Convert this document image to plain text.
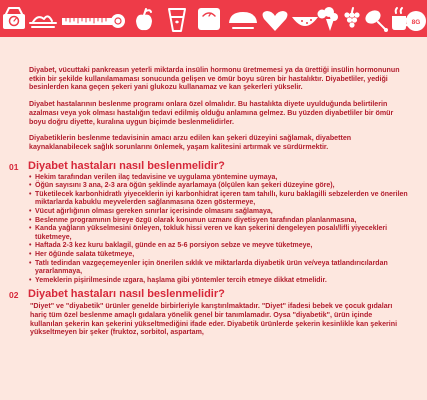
8G

Diyabet, vücuttaki pankreasın yeterli miktarda insülin hormonu üretmemesi ya da ürettiği insülin hormonunun etkin bir şekilde kullanılamaması sonucunda gelişen ve ömür boyu süren bir hastalıktır. Diyabetliler, yediği besinlerden kana geçen şekeri yani glukozu kullanamaz ve kan şekerleri yükselir.

Diyabet hastalarının beslenme programı onlara özel olmalıdır. Bu hastalıkta diyete uyulduğunda belirtilerin azalması veya yok olması hastalığın tedavi edilmiş olduğu anlamına gelmez. Bu yüzden diyabetliler bir ömür boyu doğru diyette, kuralına uygun biçimde beslenmelidirler.

Diyabetiklerin beslenme tedavisinin amacı arzu edilen kan şekeri düzeyini sağlamak, diyabetten kaynaklanabilecek sağlık sorunlarını önlemek, yaşam kalitesini artırmak ve sürdürmektir.

01 Diyabet hastaları nasıl beslenmelidir?
• Hekim tarafından verilen ilaç tedavisine ve uygulama yöntemine uymaya,
• Öğün sayısını 3 ana, 2-3 ara öğün şeklinde ayarlamaya (ölçülen kan şekeri düzeyine göre),
• Tüketilecek karbonhidratlı yiyeceklerin iyi karbonhidrat içeren tam tahıllı, kuru baklagilli sebzelerden ve önerilen miktarlarda kabuklu meyvelerden sağlanmasına özen göstermeye,
• Vücut ağırlığının olması gereken sınırlar içerisinde olmasını sağlamaya,
• Beslenme programının bireye özgü olarak konunun uzmanı diyetisyen tarafından planlanmasına,
• Kanda yağların yükselmesini önleyen, tokluk hissi veren ve kan şekerini dengeleyen posalı/lifli yiyecekleri tüketmeye,
• Haftada 2-3 kez kuru baklagil, günde en az 5-6 porsiyon sebze ve meyve tüketmeye,
• Her öğünde salata tüketmeye,
• Tatlı tedirıdan vazgeçemeyenler için önerilen sıklık ve miktarlarda diyabetik ürün ve/veya tatlandırıcılardan yararlanmaya,
• Yemeklerin pişirilmesinde ızgara, haşlama gibi yöntemler tercih etmeye dikkat etmelidir.
02 Diyabet hastaları nasıl beslenmelidir?

"Diyet" ve "diyabetik" ürünler genelde birbirleriyle karıştırılmaktadır. "Diyet" ifadesi bebek ve çocuk gıdaları hariç tüm özel beslenme amaçlı gıdalara yönelik genel bir tanımlamadır. Oysa "diyabetik", ürün içinde kullanılan şekerin kan şekerini yükseltmediğini ifade eder. Diyabetik ürünlerde şekerin kesinlikle kan şekerini yükseltmeyen bir şeker (fruktoz, sorbitol, aspartam,
